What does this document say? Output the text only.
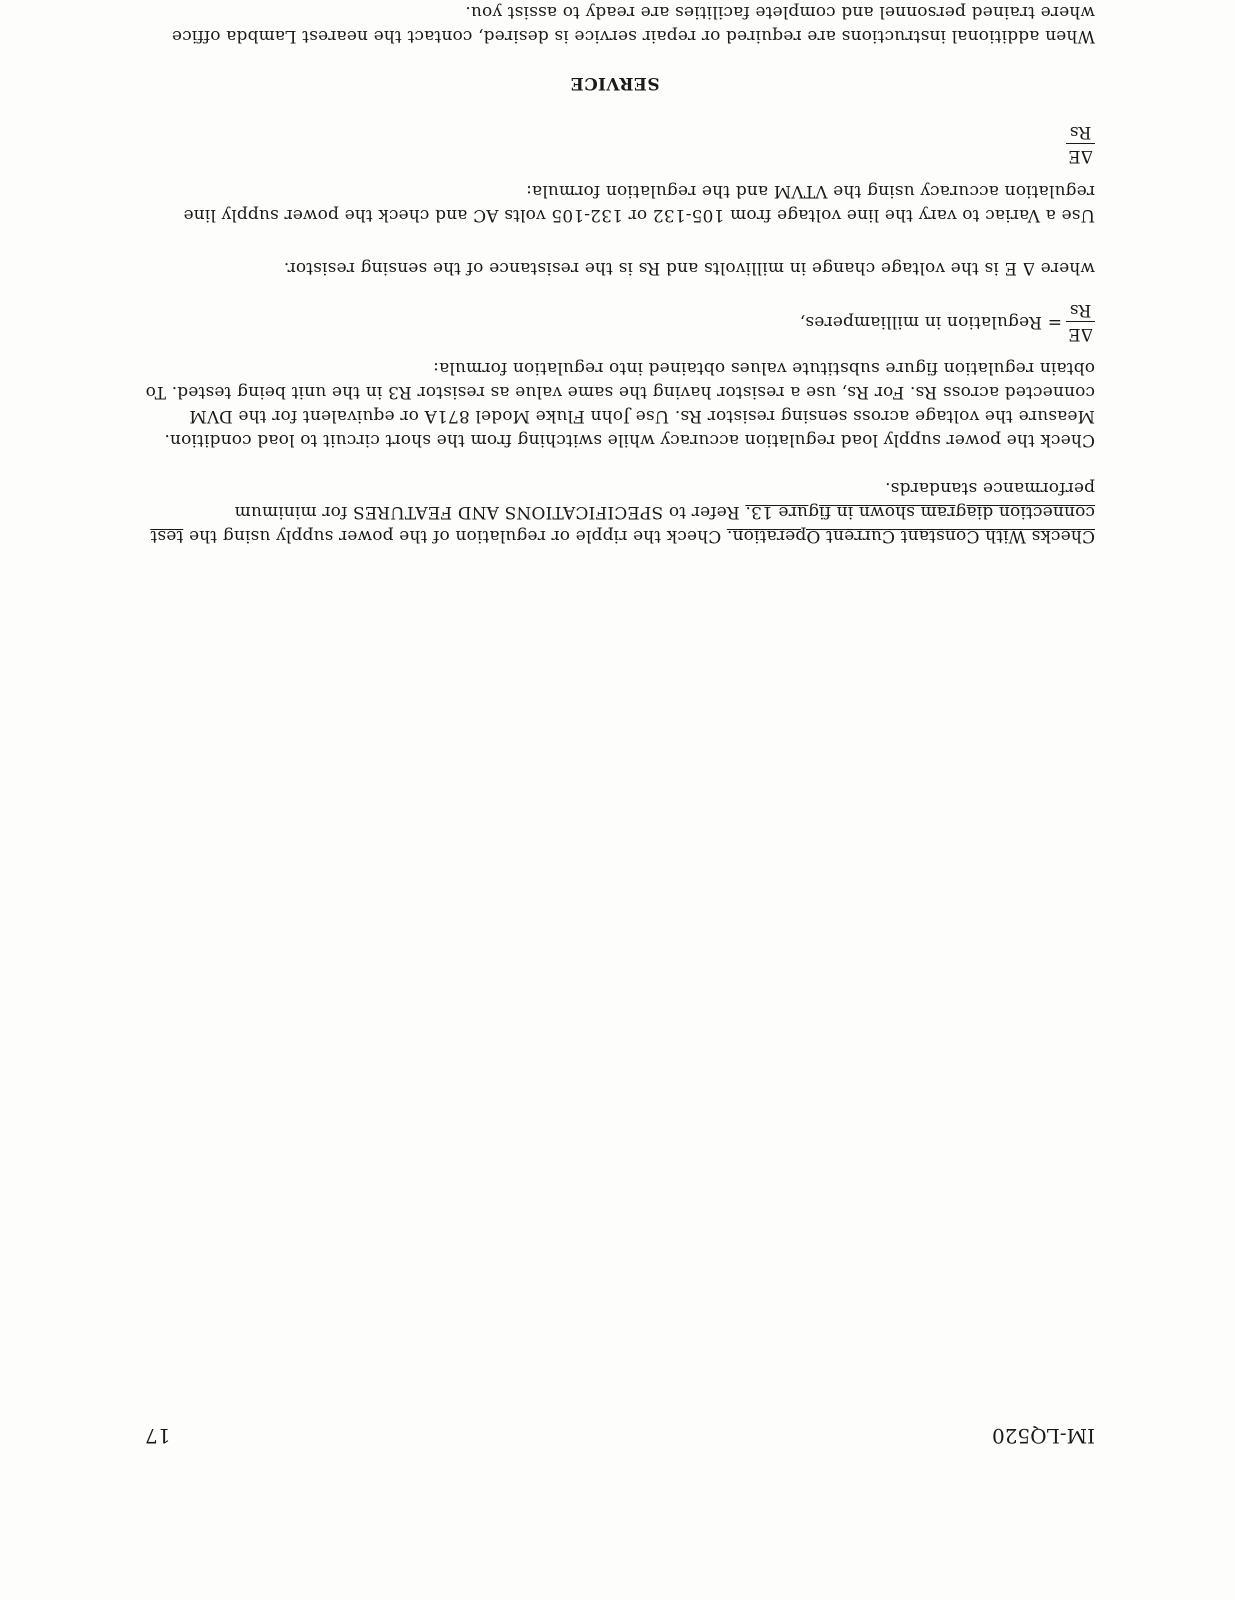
IM-LQ520
17

Checks With Constant Current Operation. Check the ripple or regulation of the power supply using the test connection diagram shown in figure 13. Refer to SPECIFICATIONS AND FEATURES for minimum performance standards.

Check the power supply load regulation accuracy while switching from the short circuit to load condition. Measure the voltage across sensing resistor Rs. Use John Fluke Model 871A or equivalent for the DVM connected across Rs. For Rs, use a resistor having the same value as resistor R3 in the unit being tested. To obtain regulation figure substitute values obtained into regulation formula:

ΔE
Rs
= Regulation in milliamperes,

where Δ E is the voltage change in millivolts and Rs is the resistance of the sensing resistor.

Use a Variac to vary the line voltage from 105-132 or 132-105 volts AC and check the power supply line regulation accuracy using the VTVM and the regulation formula:

ΔE
Rs

SERVICE

When additional instructions are required or repair service is desired, contact the nearest Lambda office where trained personnel and complete facilities are ready to assist you.
